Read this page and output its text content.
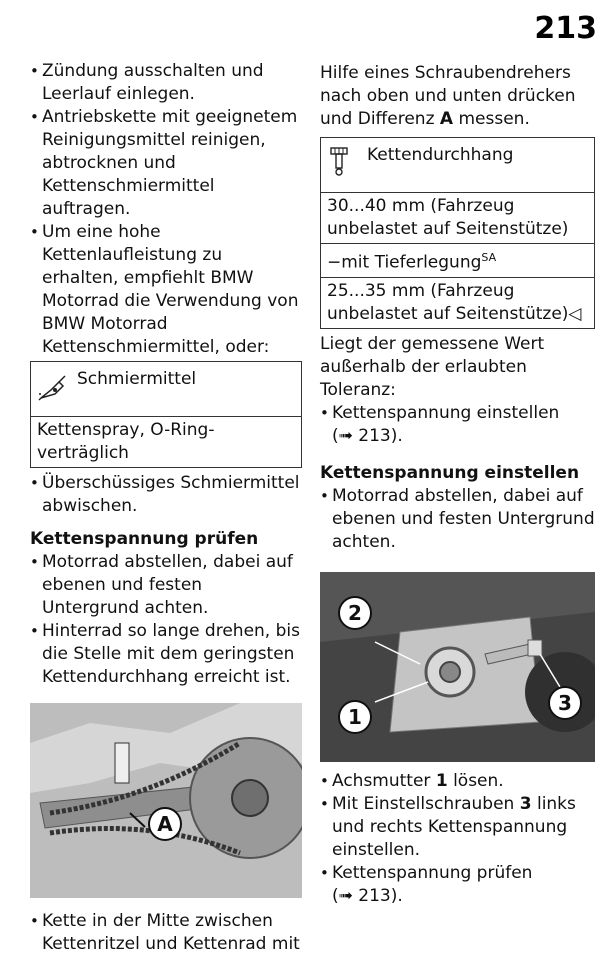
213
• Zündung ausschalten und Leerlauf einlegen.
• Antriebskette mit geeignetem Reinigungsmittel reinigen, abtrocknen und Kettenschmiermittel auftragen.
• Um eine hohe Kettenlaufleistung zu erhalten, empfiehlt BMW Motorrad die Verwendung von BMW Motorrad Kettenschmiermittel, oder:
Schmiermittel
Kettenspray, O-Ring-verträglich
• Überschüssiges Schmiermittel abwischen.
Kettenspannung prüfen
• Motorrad abstellen, dabei auf ebenen und festen Untergrund achten.
• Hinterrad so lange drehen, bis die Stelle mit dem geringsten Kettendurchhang erreicht ist.
A
• Kette in der Mitte zwischen Kettenritzel und Kettenrad mit

Hilfe eines Schraubendrehers nach oben und unten drücken und Differenz A messen.

Kettendurchhang
30...40 mm (Fahrzeug unbelastet auf Seitenstütze)
−mit Tieferlegung$^{SA}$
25...35 mm (Fahrzeug unbelastet auf Seitenstütze)◁

Liegt der gemessene Wert außerhalb der erlaubten Toleranz:

• Kettenspannung einstellen
(➟ 213).
Kettenspannung einstellen
• Motorrad abstellen, dabei auf ebenen und festen Untergrund achten.
2
1
3
• Achsmutter 1 lösen.
• Mit Einstellschrauben 3 links und rechts Kettenspannung einstellen.
• Kettenspannung prüfen
(➟ 213).
